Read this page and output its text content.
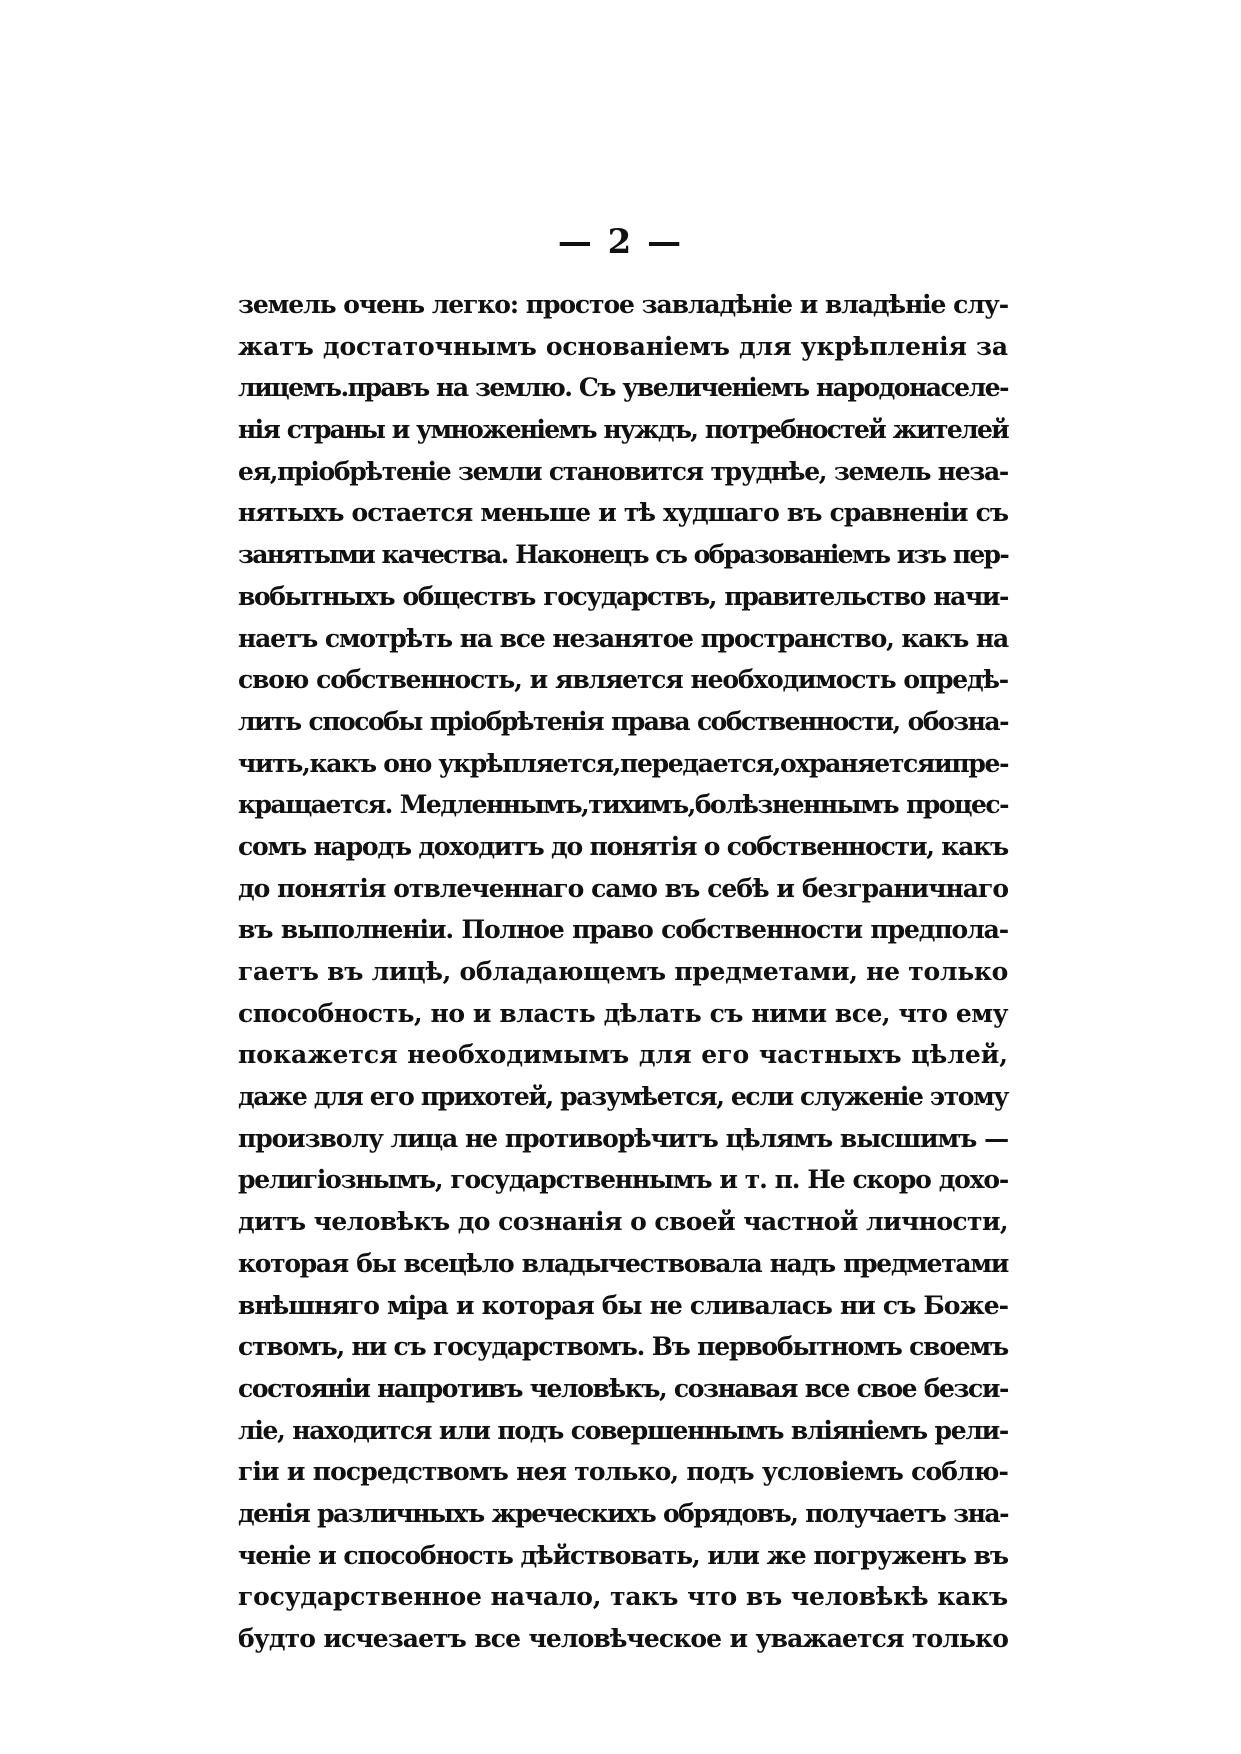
— 2 —
земель очень легко: простое завладѣніе и владѣніе слу-
жатъ достаточнымъ основаніемъ для укрѣпленія за
лицемъ.правъ на землю. Съ увеличеніемъ народонаселе-
нія страны и умноженіемъ нуждъ, потребностей жителей
ея,пріобрѣтеніе земли становится труднѣе, земель неза-
нятыхъ остается меньше и тѣ худшаго въ сравненіи съ
занятыми качества. Наконецъ съ образованіемъ изъ пер-
вобытныхъ обществъ государствъ, правительство начи-
наетъ смотрѣть на все незанятое пространство, какъ на
свою собственность, и является необходимость опредѣ-
лить способы пріобрѣтенія права собственности, обозна-
чить,какъ оно укрѣпляется,передается,охраняетсяипре-
кращается. Медленнымъ,тихимъ,болѣзненнымъ процес-
сомъ народъ доходитъ до понятія о собственности, какъ
до понятія отвлеченнаго само въ себѣ и безграничнаго
въ выполненіи. Полное право собственности предпола-
гаетъ въ лицѣ, обладающемъ предметами, не только
способность, но и власть дѣлать съ ними все, что ему
покажется необходимымъ для его частныхъ цѣлей,
даже для его прихотей, разумѣется, если служеніе этому
произволу лица не противорѣчитъ цѣлямъ высшимъ —
религіознымъ, государственнымъ и т. п. Не скоро дохо-
дитъ человѣкъ до сознанія о своей частной личности,
которая бы всецѣло владычествовала надъ предметами
внѣшняго міра и которая бы не сливалась ни съ Боже-
ствомъ, ни съ государствомъ. Въ первобытномъ своемъ
состояніи напротивъ человѣкъ, сознавая все свое безси-
ліе, находится или подъ совершеннымъ вліяніемъ рели-
гіи и посредствомъ нея только, подъ условіемъ соблю-
денія различныхъ жреческихъ обрядовъ, получаетъ зна-
ченіе и способность дѣйствовать, или же погруженъ въ
государственное начало, такъ что въ человѣкѣ какъ
будто исчезаетъ все человѣческое и уважается только
